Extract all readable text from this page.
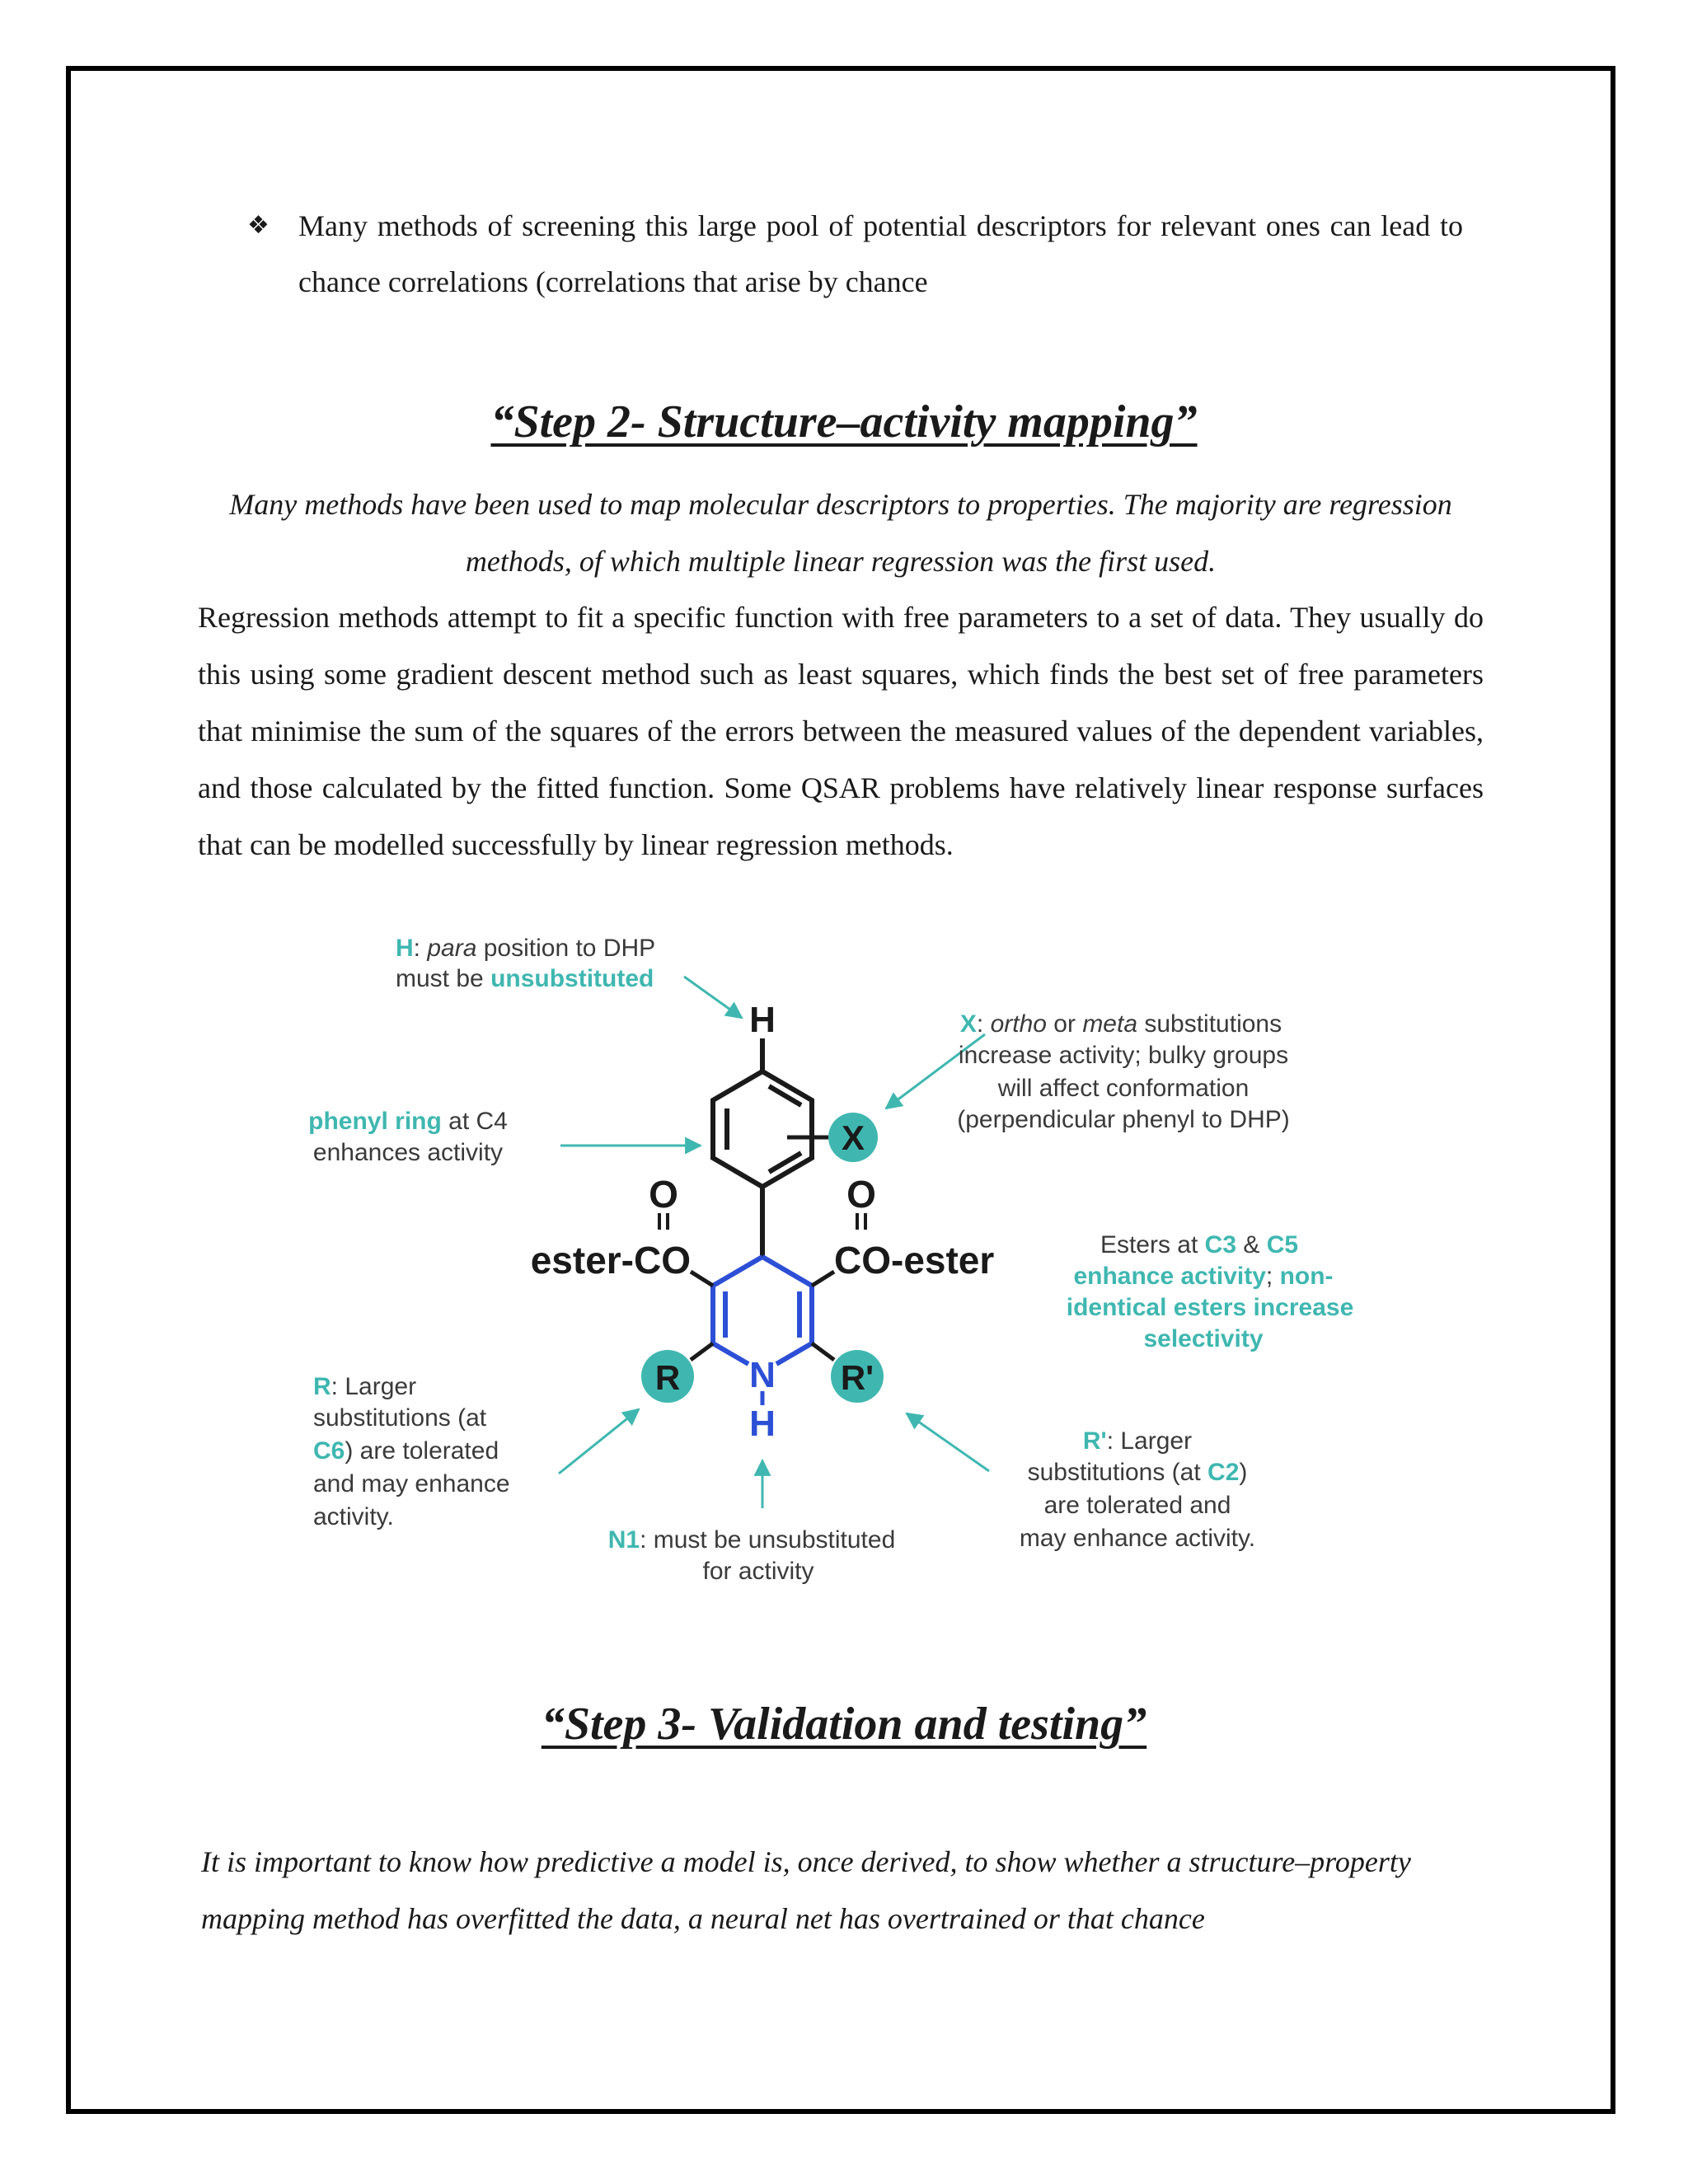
❖ Many methods of screening this large pool of potential descriptors for relevant ones can lead to chance correlations (correlations that arise by chance
“Step 2- Structure–activity mapping”
Many methods have been used to map molecular descriptors to properties. The majority are regression methods, of which multiple linear regression was the first used.
Regression methods attempt to fit a specific function with free parameters to a set of data. They usually do this using some gradient descent method such as least squares, which finds the best set of free parameters that minimise the sum of the squares of the errors between the measured values of the dependent variables, and those calculated by the fitted function. Some QSAR problems have relatively linear response surfaces that can be modelled successfully by linear regression methods.
H
X
O	O
ester-CO	CO-ester
R	R'
N
H
H: para position to DHP
must be unsubstituted
phenyl ring at C4
enhances activity
X: ortho or meta substitutions
increase activity; bulky groups
will affect conformation
(perpendicular phenyl to DHP)
Esters at C3 & C5
enhance activity; non-
identical esters increase
selectivity
R: Larger
substitutions (at
C6) are tolerated
and may enhance
activity.
R': Larger
substitutions (at C2)
are tolerated and
may enhance activity.
N1: must be unsubstituted
for activity
“Step 3- Validation and testing”
It is important to know how predictive a model is, once derived, to show whether a structure–property mapping method has overfitted the data, a neural net has overtrained or that chance
